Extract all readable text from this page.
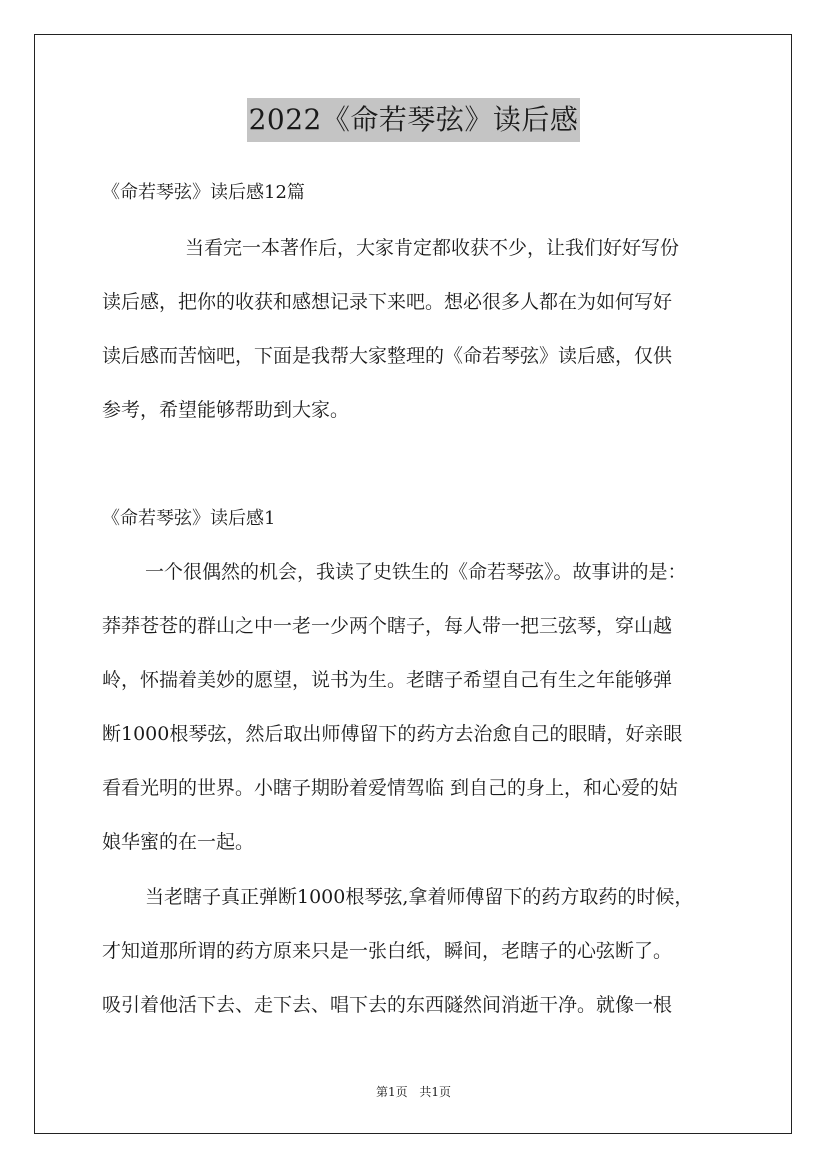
2022《命若琴弦》读后感
《命若琴弦》读后感12篇
当看完一本著作后，大家肯定都收获不少，让我们好好写份
读后感，把你的收获和感想记录下来吧。想必很多人都在为如何写好
读后感而苦恼吧，下面是我帮大家整理的《命若琴弦》读后感，仅供
参考，希望能够帮助到大家。
《命若琴弦》读后感1
一个很偶然的机会，我读了史铁生的《命若琴弦》。故事讲的是：
莽莽苍苍的群山之中一老一少两个瞎子，每人带一把三弦琴，穿山越
岭，怀揣着美妙的愿望，说书为生。老瞎子希望自己有生之年能够弹
断1000根琴弦，然后取出师傅留下的药方去治愈自己的眼睛，好亲眼
看看光明的世界。小瞎子期盼着爱情驾临 到自己的身上，和心爱的姑
娘华蜜的在一起。
当老瞎子真正弹断1000根琴弦,拿着师傅留下的药方取药的时候，
才知道那所谓的药方原来只是一张白纸，瞬间，老瞎子的心弦断了。
吸引着他活下去、走下去、唱下去的东西隧然间消逝干净。就像一根
第1页 共1页
